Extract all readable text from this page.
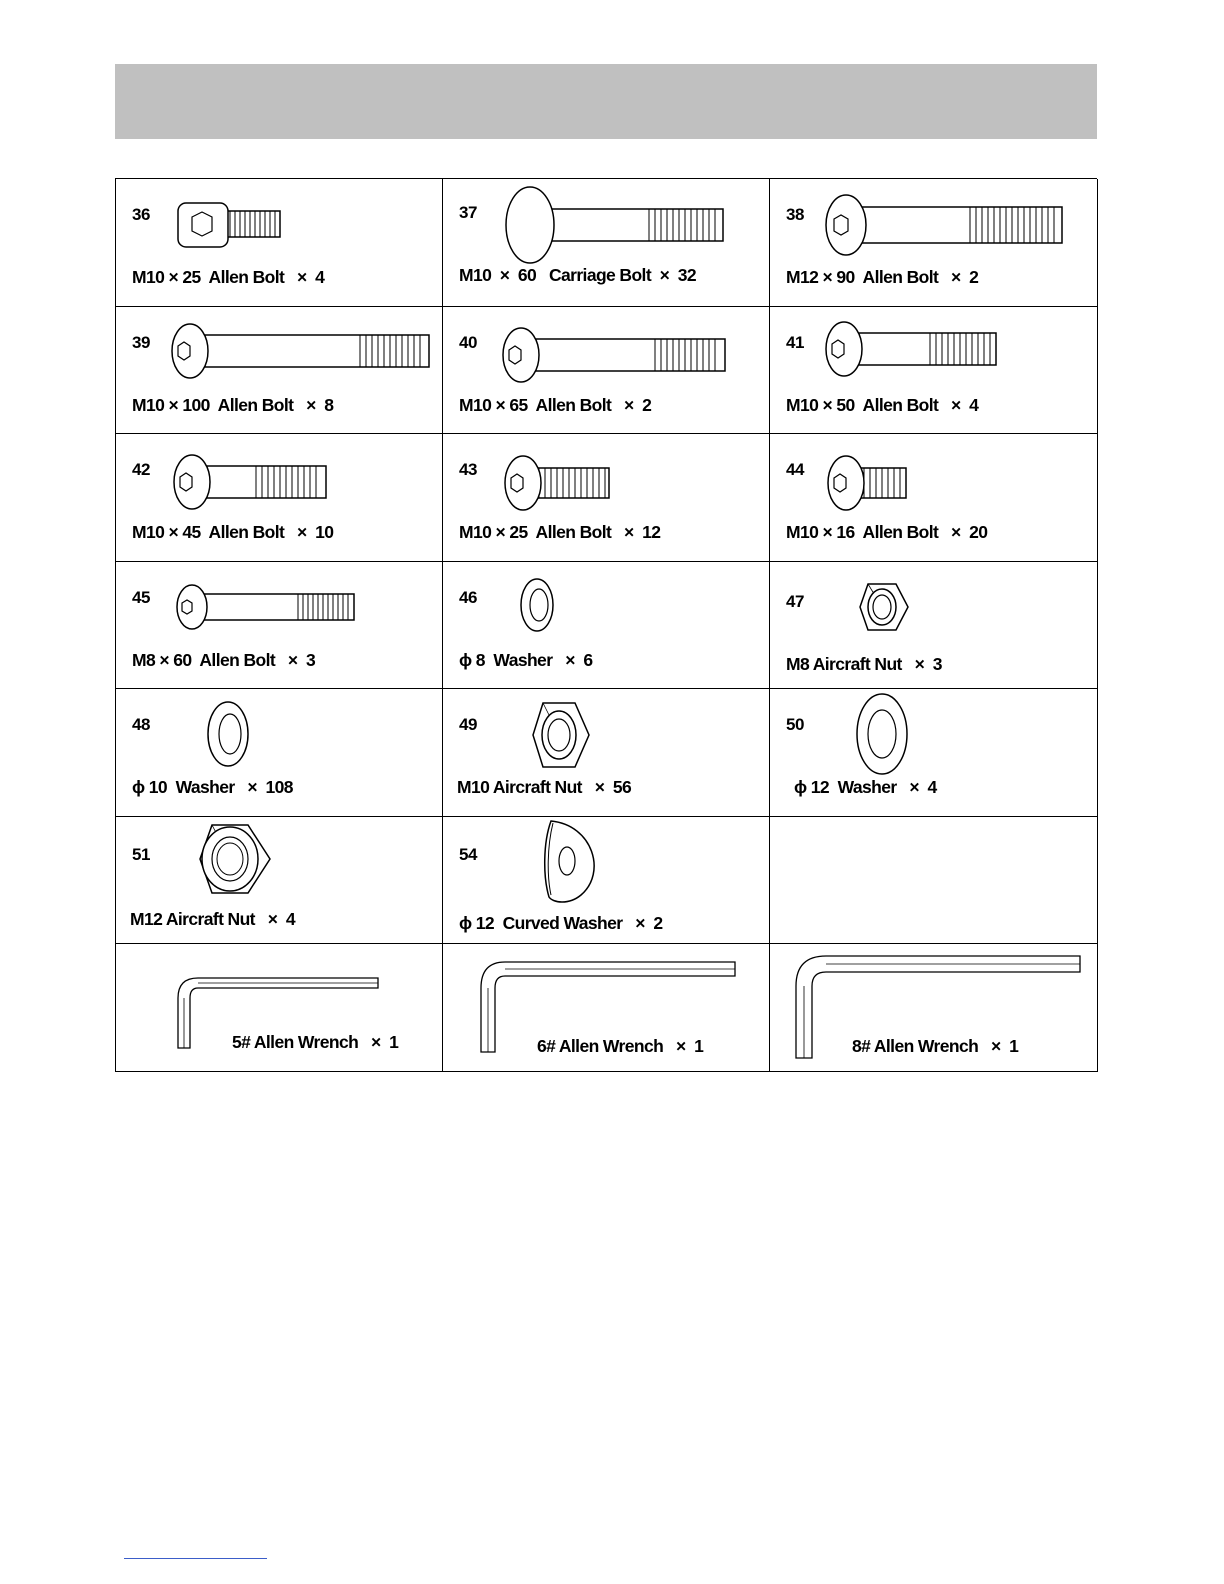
36
M10 × 25  Allen Bolt   ×  4
37
M10  ×  60   Carriage Bolt  ×  32
38
M12 × 90  Allen Bolt   ×  2
39
M10 × 100  Allen Bolt   ×  8
40
M10 × 65  Allen Bolt   ×  2
41
M10 × 50  Allen Bolt   ×  4
42
M10 × 45  Allen Bolt   ×  10
43
M10 × 25  Allen Bolt   ×  12
44
M10 × 16  Allen Bolt   ×  20
45
M8 × 60  Allen Bolt   ×  3
46
ϕ 8  Washer   ×  6
47
M8 Aircraft Nut   ×  3
48
ϕ 10  Washer   ×  108
49
M10 Aircraft Nut   ×  56
50
ϕ 12  Washer   ×  4
51
M12 Aircraft Nut   ×  4
54
ϕ 12  Curved Washer   ×  2
5# Allen Wrench   ×  1	6# Allen Wrench   ×  1	8# Allen Wrench   ×  1
